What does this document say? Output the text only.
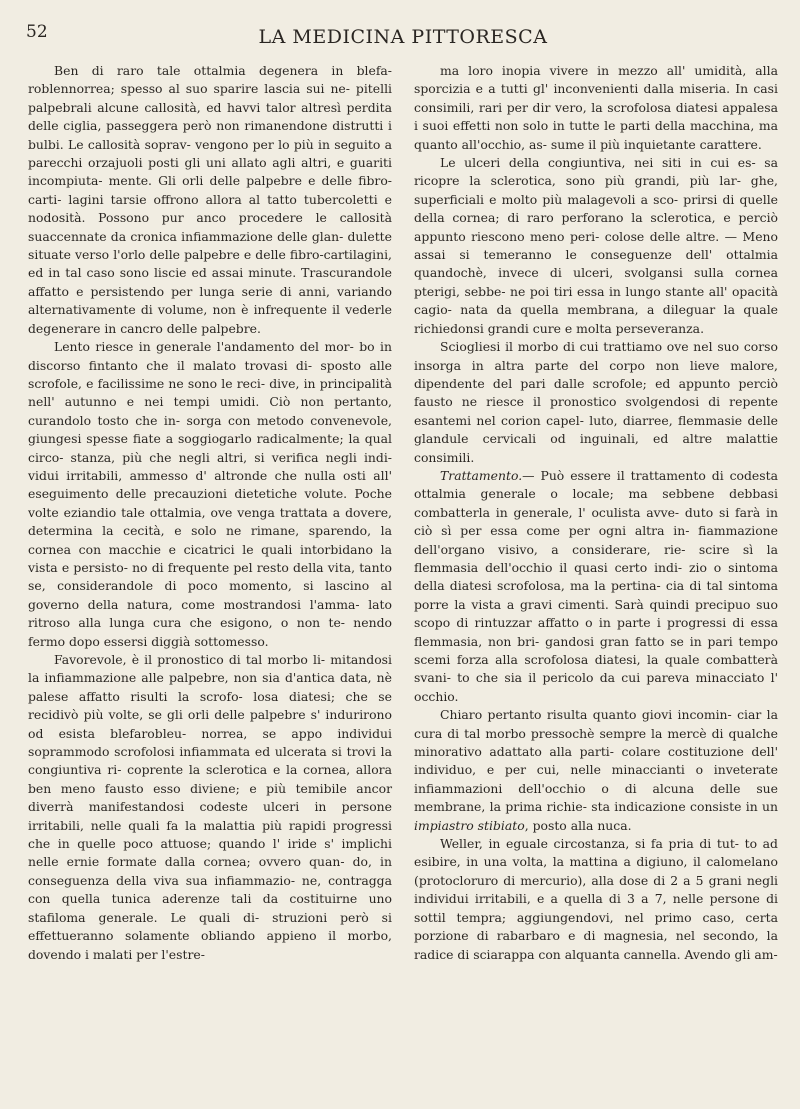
52	LA MEDICINA PITTORESCA

Ben di raro tale ottalmia degenera in blefa- roblennorrea; spesso al suo sparire lascia sui ne- pitelli palpebrali alcune callosità, ed havvi talor altresì perdita delle ciglia, passeggera però non rimanendone distrutti i bulbi. Le callosità soprav- vengono per lo più in seguito a parecchi orzajuoli posti gli uni allato agli altri, e guariti incompiuta- mente. Gli orli delle palpebre e delle fibro-carti- lagini tarsie offrono allora al tatto tubercoletti e nodosità. Possono pur anco procedere le callosità suaccennate da cronica infiammazione delle glan- dulette situate verso l'orlo delle palpebre e delle fibro-cartilagini, ed in tal caso sono liscie ed assai minute. Trascurandole affatto e persistendo per lunga serie di anni, variando alternativamente di volume, non è infrequente il vederle degenerare in cancro delle palpebre.

Lento riesce in generale l'andamento del mor- bo in discorso fintanto che il malato trovasi di- sposto alle scrofole, e facilissime ne sono le reci- dive, in principalità nell' autunno e nei tempi umidi. Ciò non pertanto, curandolo tosto che in- sorga con metodo convenevole, giungesi spesse fiate a soggiogarlo radicalmente; la qual circo- stanza, più che negli altri, si verifica negli indi- vidui irritabili, ammesso d' altronde che nulla osti all' eseguimento delle precauzioni dietetiche volute. Poche volte eziandio tale ottalmia, ove venga trattata a dovere, determina la cecità, e solo ne rimane, sparendo, la cornea con macchie e cicatrici le quali intorbidano la vista e persisto- no di frequente pel resto della vita, tanto se, considerandole di poco momento, si lascino al governo della natura, come mostrandosi l'amma- lato ritroso alla lunga cura che esigono, o non te- nendo fermo dopo essersi diggià sottomesso.

Favorevole, è il pronostico di tal morbo li- mitandosi la infiammazione alle palpebre, non sia d'antica data, nè palese affatto risulti la scrofo- losa diatesi; che se recidivò più volte, se gli orli delle palpebre s' indurirono od esista blefarobleu- norrea, se appo individui soprammodo scrofolosi infiammata ed ulcerata si trovi la congiuntiva ri- coprente la sclerotica e la cornea, allora ben meno fausto esso diviene; e più temibile ancor diverrà manifestandosi codeste ulceri in persone irritabili, nelle quali fa la malattia più rapidi progressi che in quelle poco attuose; quando l' iride s' implichi nelle ernie formate dalla cornea; ovvero quan- do, in conseguenza della viva sua infiammazio- ne, contragga con quella tunica aderenze tali da costituirne uno stafiloma generale. Le quali di- struzioni però si effettueranno solamente obliando appieno il morbo, dovendo i malati per l'estre-

ma loro inopia vivere in mezzo all' umidità, alla sporcizia e a tutti gl' inconvenienti dalla miseria. In casi consimili, rari per dir vero, la scrofolosa diatesi appalesa i suoi effetti non solo in tutte le parti della macchina, ma quanto all'occhio, as- sume il più inquietante carattere.

Le ulceri della congiuntiva, nei siti in cui es- sa ricopre la sclerotica, sono più grandi, più lar- ghe, superficiali e molto più malagevoli a sco- prirsi di quelle della cornea; di raro perforano la sclerotica, e perciò appunto riescono meno peri- colose delle altre. — Meno assai si temeranno le conseguenze dell' ottalmia quandochè, invece di ulceri, svolgansi sulla cornea pterigi, sebbe- ne poi tiri essa in lungo stante all' opacità cagio- nata da quella membrana, a dileguar la quale richiedonsi grandi cure e molta perseveranza.

Sciogliesi il morbo di cui trattiamo ove nel suo corso insorga in altra parte del corpo non lieve malore, dipendente del pari dalle scrofole; ed appunto perciò fausto ne riesce il pronostico svolgendosi di repente esantemi nel corion capel- luto, diarree, flemmasie delle glandule cervicali od inguinali, ed altre malattie consimili.

Trattamento.— Può essere il trattamento di codesta ottalmia generale o locale; ma sebbene debbasi combatterla in generale, l' oculista avve- duto si farà in ciò sì per essa come per ogni altra in- fiammazione dell'organo visivo, a considerare, rie- scire sì la flemmasia dell'occhio il quasi certo indi- zio o sintoma della diatesi scrofolosa, ma la pertina- cia di tal sintoma porre la vista a gravi cimenti. Sarà quindi precipuo suo scopo di rintuzzar affatto o in parte i progressi di essa flemmasia, non bri- gandosi gran fatto se in pari tempo scemi forza alla scrofolosa diatesi, la quale combatterà svani- to che sia il pericolo da cui pareva minacciato l' occhio.

Chiaro pertanto risulta quanto giovi incomin- ciar la cura di tal morbo pressochè sempre la mercè di qualche minorativo adattato alla parti- colare costituzione dell' individuo, e per cui, nelle minaccianti o inveterate infiammazioni dell'occhio o di alcuna delle sue membrane, la prima richie- sta indicazione consiste in un impiastro stibiato, posto alla nuca.

Weller, in eguale circostanza, si fa pria di tut- to ad esibire, in una volta, la mattina a digiuno, il calomelano (protocloruro di mercurio), alla dose di 2 a 5 grani negli individui irritabili, e a quella di 3 a 7, nelle persone di sottil tempra; aggiungendovi, nel primo caso, certa porzione di rabarbaro e di magnesia, nel secondo, la radice di sciarappa con alquanta cannella. Avendo gli am-
